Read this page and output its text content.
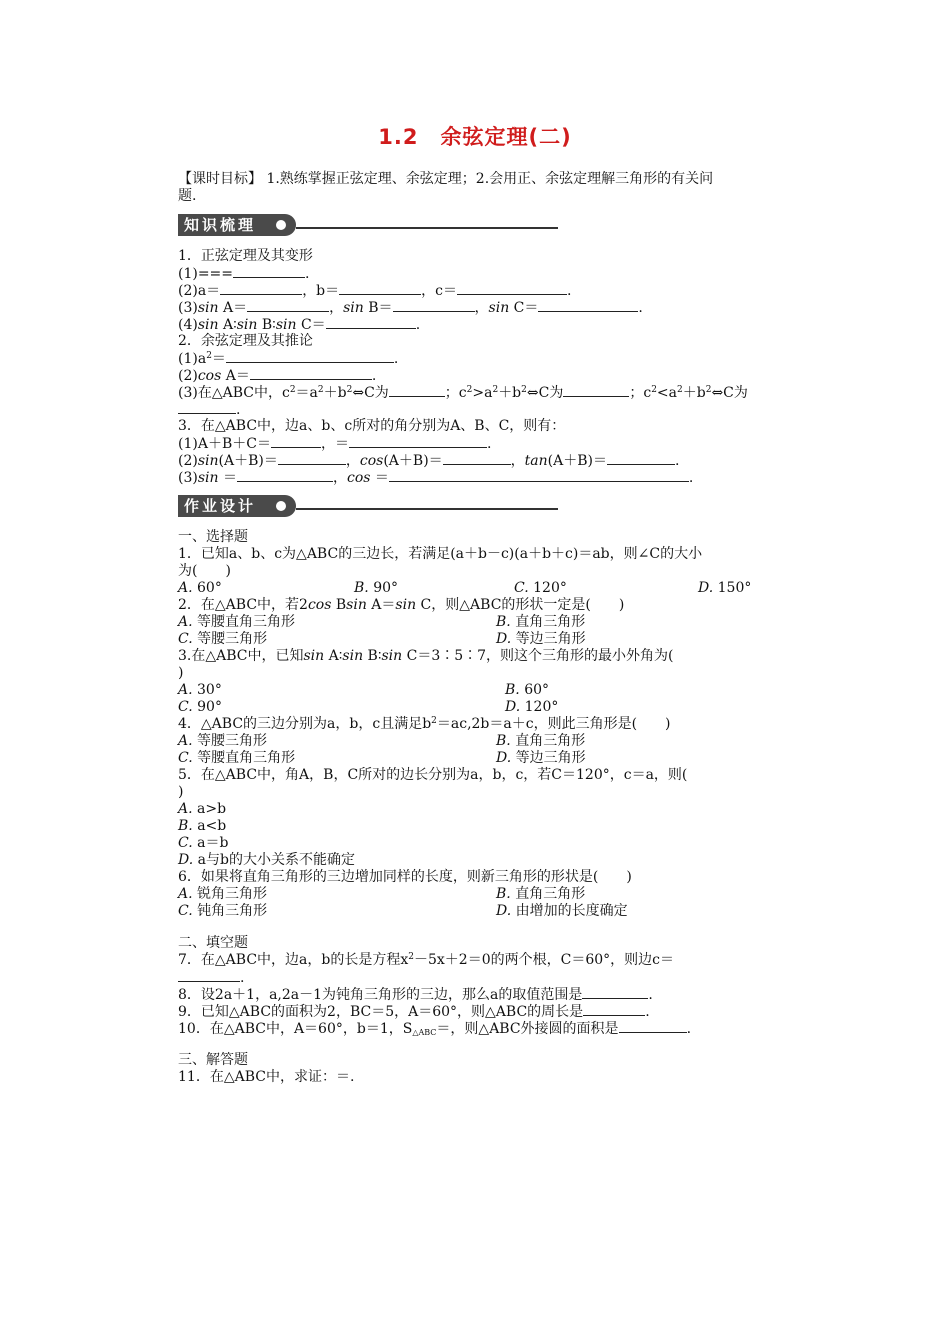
1.2　余弦定理(二)
【课时目标】 1.熟练掌握正弦定理、余弦定理；2.会用正、余弦定理解三角形的有关问
题.
知识梳理
1．正弦定理及其变形
(1)===	.
(2)a＝	，b＝	，c＝	.
(3)sin A＝	，sin B＝	，sin C＝	.
(4)sin A∶sin B∶sin C＝	.
2．余弦定理及其推论
$(1)a^2=$	.
(2)cos A＝	.
(3)在△ABC中，$c^2=a^2+b^2\Leftrightarrow C$为	；$c^2>a^2+b^2\Leftrightarrow C$为	；$c^2<a^2+b^2\Leftrightarrow C$为
.
3．在△ABC中，边a、b、c所对的角分别为A、B、C，则有：
(1)A＋B＋C＝	，＝	.
(2)sin(A＋B)＝	，cos(A＋B)＝	，tan(A＋B)＝	.
(3)sin ＝	，cos ＝	.
作业设计
一、选择题
1．已知a、b、c为△ABC的三边长，若满足(a＋b－c)(a＋b＋c)＝ab，则∠C的大小
为(　　)
A. 60°	B. 90°	C. 120°	D. 150°
2．在△ABC中，若2cos Bsin A＝sin C，则△ABC的形状一定是(　　)
A. 等腰直角三角形	B. 直角三角形
C. 等腰三角形	D. 等边三角形
3.在△ABC中，已知sin A∶sin B∶sin C＝3∶5∶7，则这个三角形的最小外角为(
)
A. 30°	B. 60°
C. 90°	D. 120°
4．△ABC的三边分别为a，b，c且满足$b^2=ac,2b=a+c$，则此三角形是(　　)
A. 等腰三角形	B. 直角三角形
C. 等腰直角三角形	D. 等边三角形
5．在△ABC中，角A，B，C所对的边长分别为a，b，c，若C＝120°，c＝a，则(
)
A. a>b
B. a<b
C. a＝b
D. a与b的大小关系不能确定
6．如果将直角三角形的三边增加同样的长度，则新三角形的形状是(　　)
A. 锐角三角形	B. 直角三角形
C. 钝角三角形	D. 由增加的长度确定
二、填空题
7．在△ABC中，边a，b的长是方程$x^2-5x+2=0$的两个根，C＝60°，则边c＝
.
8．设2a＋1，a,2a－1为钝角三角形的三边，那么a的取值范围是	.
9．已知△ABC的面积为2，BC＝5，A＝60°，则△ABC的周长是	.
10．在△ABC中，A＝60°，b＝1，$S_{\triangle ABC}=$，则△ABC外接圆的面积是	.
三、解答题
11．在△ABC中，求证：＝.
